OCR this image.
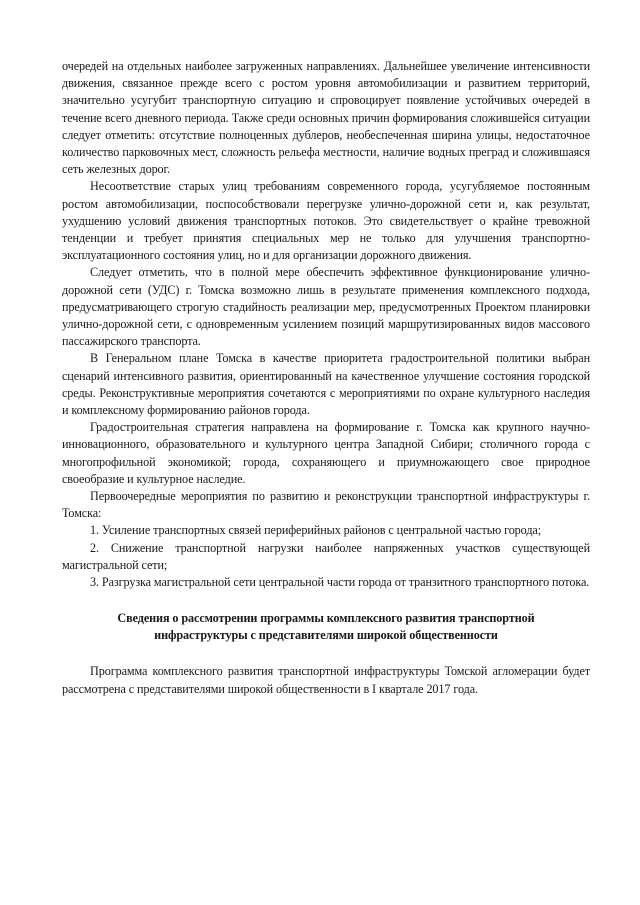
очередей на отдельных наиболее загруженных направлениях. Дальнейшее увеличение интенсивности движения, связанное прежде всего с ростом уровня автомобилизации и развитием территорий, значительно усугубит транспортную ситуацию и спровоцирует появление устойчивых очередей в течение всего дневного периода. Также среди основных причин формирования сложившейся ситуации следует отметить: отсутствие полноценных дублеров, необеспеченная ширина улицы, недостаточное количество парковочных мест, сложность рельефа местности, наличие водных преград и сложившаяся сеть железных дорог.

Несоответствие старых улиц требованиям современного города, усугубляемое постоянным ростом автомобилизации, поспособствовали перегрузке улично-дорожной сети и, как результат, ухудшению условий движения транспортных потоков. Это свидетельствует о крайне тревожной тенденции и требует принятия специальных мер не только для улучшения транспортно-эксплуатационного состояния улиц, но и для организации дорожного движения.

Следует отметить, что в полной мере обеспечить эффективное функционирование улично-дорожной сети (УДС) г. Томска возможно лишь в результате применения комплексного подхода, предусматривающего строгую стадийность реализации мер, предусмотренных Проектом планировки улично-дорожной сети, с одновременным усилением позиций маршрутизированных видов массового пассажирского транспорта.

В Генеральном плане Томска в качестве приоритета градостроительной политики выбран сценарий интенсивного развития, ориентированный на качественное улучшение состояния городской среды. Реконструктивные мероприятия сочетаются с мероприятиями по охране культурного наследия и комплексному формированию районов города.

Градостроительная стратегия направлена на формирование г. Томска как крупного научно-инновационного, образовательного и культурного центра Западной Сибири; столичного города с многопрофильной экономикой; города, сохраняющего и приумножающего свое природное своеобразие и культурное наследие.

Первоочередные мероприятия по развитию и реконструкции транспортной инфраструктуры г. Томска:

1. Усиление транспортных связей периферийных районов с центральной частью города;

2. Снижение транспортной нагрузки наиболее напряженных участков существующей магистральной сети;

3. Разгрузка магистральной сети центральной части города от транзитного транспортного потока.

Сведения о рассмотрении программы комплексного развития транспортной инфраструктуры с представителями широкой общественности

Программа комплексного развития транспортной инфраструктуры Томской агломерации будет рассмотрена с представителями широкой общественности в I квартале 2017 года.
